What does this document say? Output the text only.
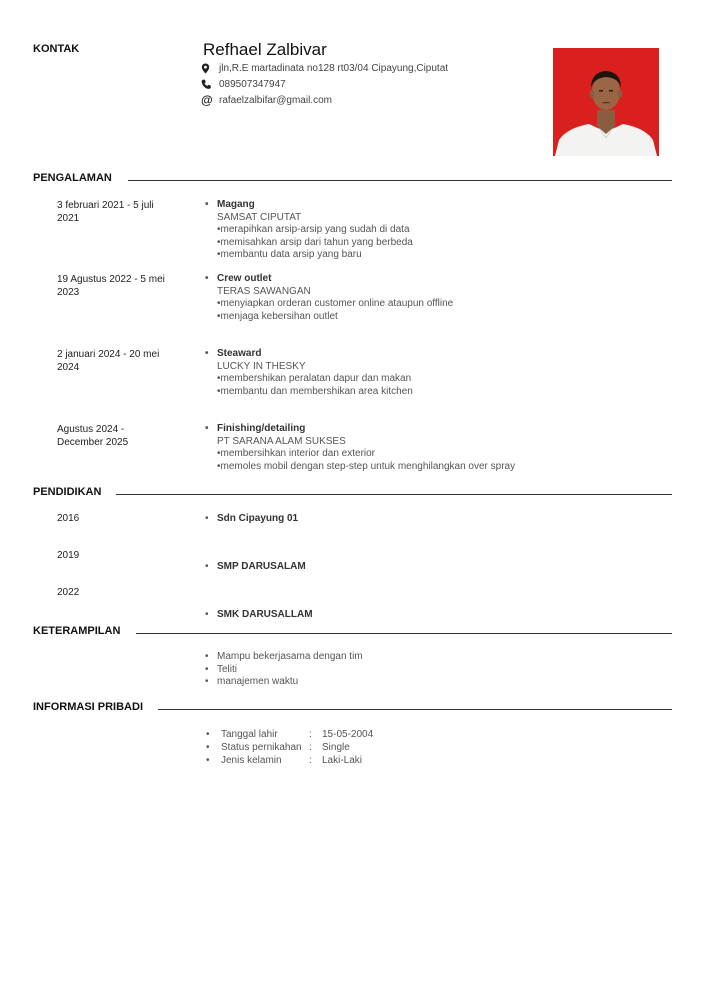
KONTAK	Refhael Zalbivar
jln,R.E martadinata no128 rt03/04 Cipayung,Ciputat
089507347947
@ rafaelzalbifar@gmail.com
PENGALAMAN
3 februari 2021 - 5 juli 2021
• Magang
SAMSAT CIPUTAT
•merapihkan arsip-arsip yang sudah di data
•memisahkan arsip dari tahun yang berbeda
•membantu data arsip yang baru
19 Agustus 2022 - 5 mei 2023
• Crew outlet
TERAS SAWANGAN
•menyiapkan orderan customer online ataupun offline
•menjaga kebersihan outlet
2 januari 2024 - 20 mei 2024
• Steaward
LUCKY IN THESKY
•membershikan peralatan dapur dan makan
•membantu dan membershikan area kitchen
Agustus 2024 - December 2025
• Finishing/detailing
PT SARANA ALAM SUKSES
•membersihkan interior dan exterior
•memoles mobil dengan step-step untuk menghilangkan over spray
PENDIDIKAN
2016
•	Sdn Cipayung 01
2019
• SMP DARUSALAM
2022
• SMK DARUSALLAM
KETERAMPILAN
• Mampu bekerjasama dengan tim
• Teliti
• manajemen waktu
INFORMASI PRIBADI
• Tanggal lahir	:	15-05-2004
• Status pernikahan :	Single
• Jenis kelamin	:	Laki-Laki
